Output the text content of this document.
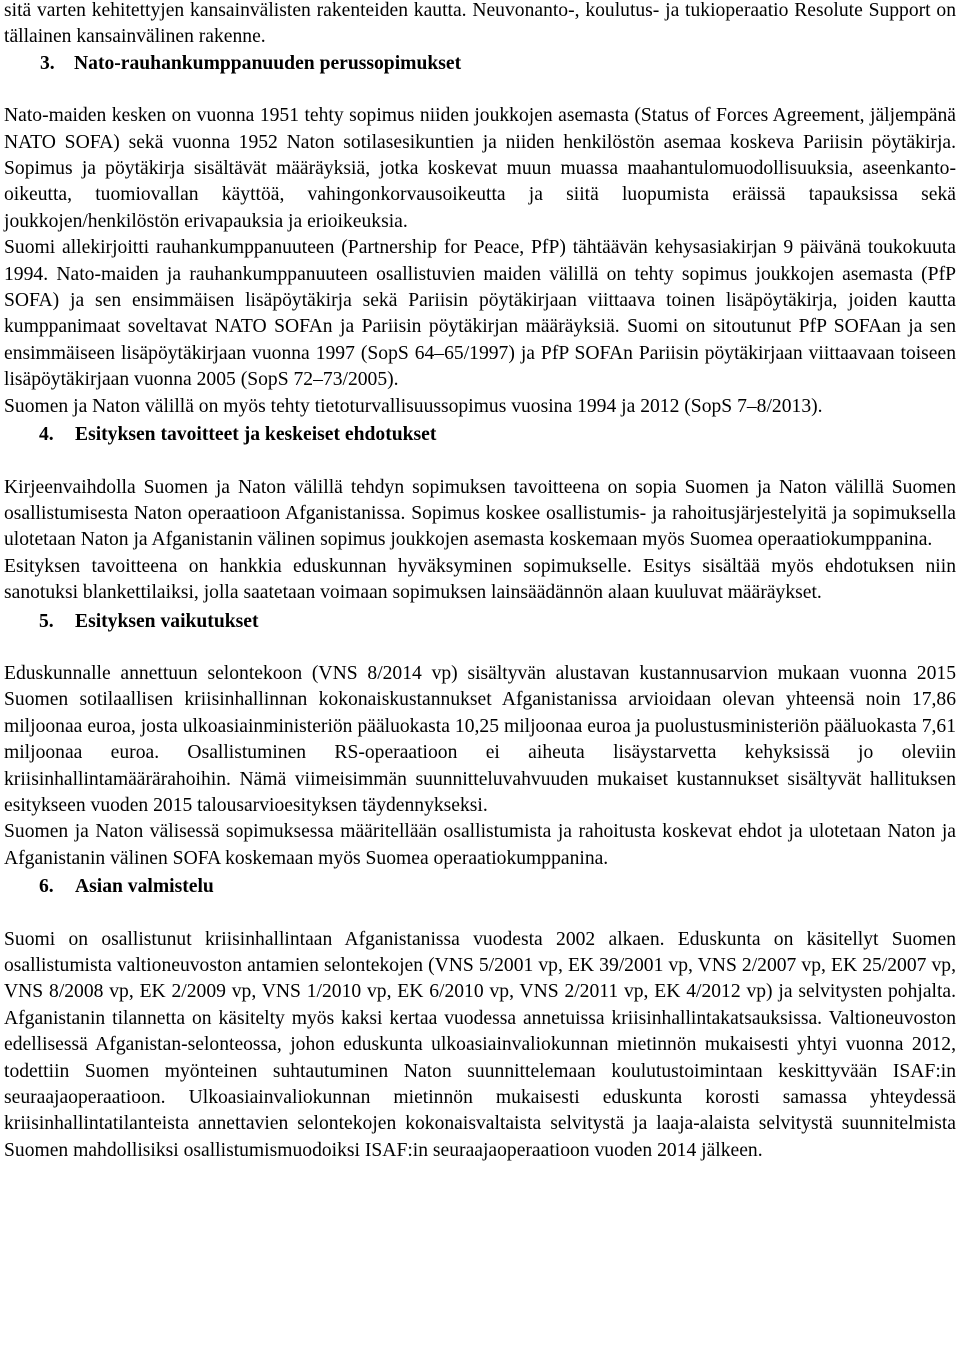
sitä varten kehitettyjen kansainvälisten rakenteiden kautta. Neuvonanto-, koulutus- ja tukioperaatio Resolute Support on tällainen kansainvälinen rakenne.

3. Nato-rauhankumppanuuden perussopimukset

Nato-maiden kesken on vuonna 1951 tehty sopimus niiden joukkojen asemasta (Status of Forces Agreement, jäljempänä NATO SOFA) sekä vuonna 1952 Naton sotilasesikuntien ja niiden henkilöstön asemaa koskeva Pariisin pöytäkirja. Sopimus ja pöytäkirja sisältävät määräyksiä, jotka koskevat muun muassa maahantulomuodollisuuksia, aseenkanto-oikeutta, tuomiovallan käyttöä, vahingonkorvausoikeutta ja siitä luopumista eräissä tapauksissa sekä joukkojen/henkilöstön erivapauksia ja erioikeuksia.

Suomi allekirjoitti rauhankumppanuuteen (Partnership for Peace, PfP) tähtäävän kehysasiakirjan 9 päivänä toukokuuta 1994. Nato-maiden ja rauhankumppanuuteen osallistuvien maiden välillä on tehty sopimus joukkojen asemasta (PfP SOFA) ja sen ensimmäisen lisäpöytäkirja sekä Pariisin pöytäkirjaan viittaava toinen lisäpöytäkirja, joiden kautta kumppanimaat soveltavat NATO SOFAn ja Pariisin pöytäkirjan määräyksiä. Suomi on sitoutunut PfP SOFAan ja sen ensimmäiseen lisäpöytäkirjaan vuonna 1997 (SopS 64–65/1997) ja PfP SOFAn Pariisin pöytäkirjaan viittaavaan toiseen lisäpöytäkirjaan vuonna 2005 (SopS 72–73/2005).

Suomen ja Naton välillä on myös tehty tietoturvallisuussopimus vuosina 1994 ja 2012 (SopS 7–8/2013).

4. Esityksen tavoitteet ja keskeiset ehdotukset

Kirjeenvaihdolla Suomen ja Naton välillä tehdyn sopimuksen tavoitteena on sopia Suomen ja Naton välillä Suomen osallistumisesta Naton operaatioon Afganistanissa. Sopimus koskee osallistumis- ja rahoitusjärjestelyitä ja sopimuksella ulotetaan Naton ja Afganistanin välinen sopimus joukkojen asemasta koskemaan myös Suomea operaatiokumppanina.

Esityksen tavoitteena on hankkia eduskunnan hyväksyminen sopimukselle. Esitys sisältää myös ehdotuksen niin sanotuksi blankettilaiksi, jolla saatetaan voimaan sopimuksen lainsäädännön alaan kuuluvat määräykset.

5. Esityksen vaikutukset

Eduskunnalle annettuun selontekoon (VNS 8/2014 vp) sisältyvän alustavan kustannusarvion mukaan vuonna 2015 Suomen sotilaallisen kriisinhallinnan kokonaiskustannukset Afganistanissa arvioidaan olevan yhteensä noin 17,86 miljoonaa euroa, josta ulkoasiainministeriön pääluokasta 10,25 miljoonaa euroa ja puolustusministeriön pääluokasta 7,61 miljoonaa euroa. Osallistuminen RS-operaatioon ei aiheuta lisäystarvetta kehyksissä jo oleviin kriisinhallintamäärärahoihin. Nämä viimeisimmän suunnitteluvahvuuden mukaiset kustannukset sisältyvät hallituksen esitykseen vuoden 2015 talousarvioesityksen täydennykseksi.

Suomen ja Naton välisessä sopimuksessa määritellään osallistumista ja rahoitusta koskevat ehdot ja ulotetaan Naton ja Afganistanin välinen SOFA koskemaan myös Suomea operaatiokumppanina.

6. Asian valmistelu

Suomi on osallistunut kriisinhallintaan Afganistanissa vuodesta 2002 alkaen. Eduskunta on käsitellyt Suomen osallistumista valtioneuvoston antamien selontekojen (VNS 5/2001 vp, EK 39/2001 vp, VNS 2/2007 vp, EK 25/2007 vp, VNS 8/2008 vp, EK 2/2009 vp, VNS 1/2010 vp, EK 6/2010 vp, VNS 2/2011 vp, EK 4/2012 vp) ja selvitysten pohjalta. Afganistanin tilannetta on käsitelty myös kaksi kertaa vuodessa annetuissa kriisinhallintakatsauksissa. Valtioneuvoston edellisessä Afganistan-selonteossa, johon eduskunta ulkoasiainvaliokunnan mietinnön mukaisesti yhtyi vuonna 2012, todettiin Suomen myönteinen suhtautuminen Naton suunnittelemaan koulutustoimintaan keskittyvään ISAF:in seuraajaoperaatioon. Ulkoasiainvaliokunnan mietinnön mukaisesti eduskunta korosti samassa yhteydessä kriisinhallintatilanteista annettavien selontekojen kokonaisvaltaista selvitystä ja laaja-alaista selvitystä suunnitelmista Suomen mahdollisiksi osallistumismuodoiksi ISAF:in seuraajaoperaatioon vuoden 2014 jälkeen.
